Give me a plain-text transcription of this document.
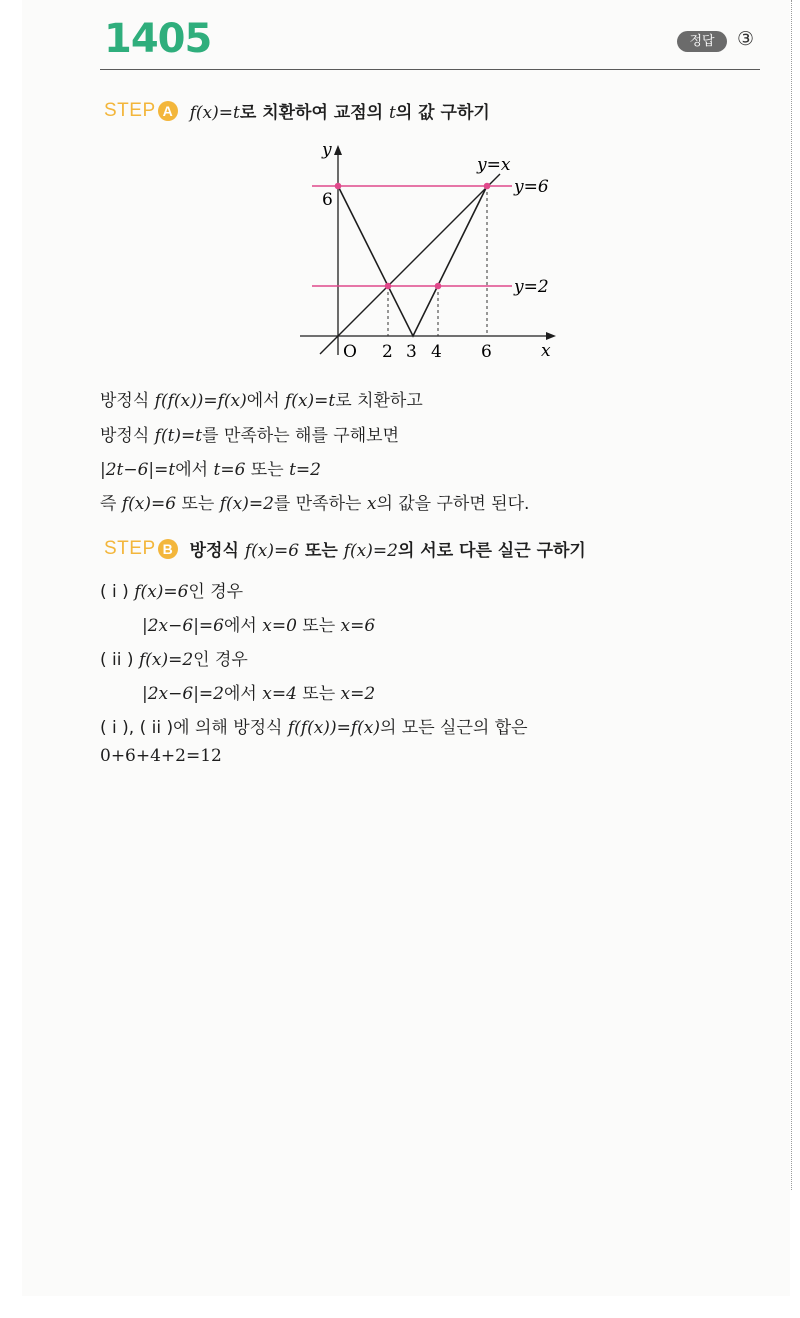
1405	정답	③
STEP A f(x)=t로 치환하여 교점의 t의 값 구하기
y
x
6
O 2 3 4 6
y=x
y=6
y=2
방정식 f(f(x))=f(x)에서 f(x)=t로 치환하고
방정식 f(t)=t를 만족하는 해를 구해보면
|2t−6|=t에서 t=6 또는 t=2
즉 f(x)=6 또는 f(x)=2를 만족하는 x의 값을 구하면 된다.
STEP B 방정식 f(x)=6 또는 f(x)=2의 서로 다른 실근 구하기
( i ) f(x)=6인 경우
|2x−6|=6에서 x=0 또는 x=6
( ii ) f(x)=2인 경우
|2x−6|=2에서 x=4 또는 x=2
( i ), ( ii )에 의해 방정식 f(f(x))=f(x)의 모든 실근의 합은
0+6+4+2=12
